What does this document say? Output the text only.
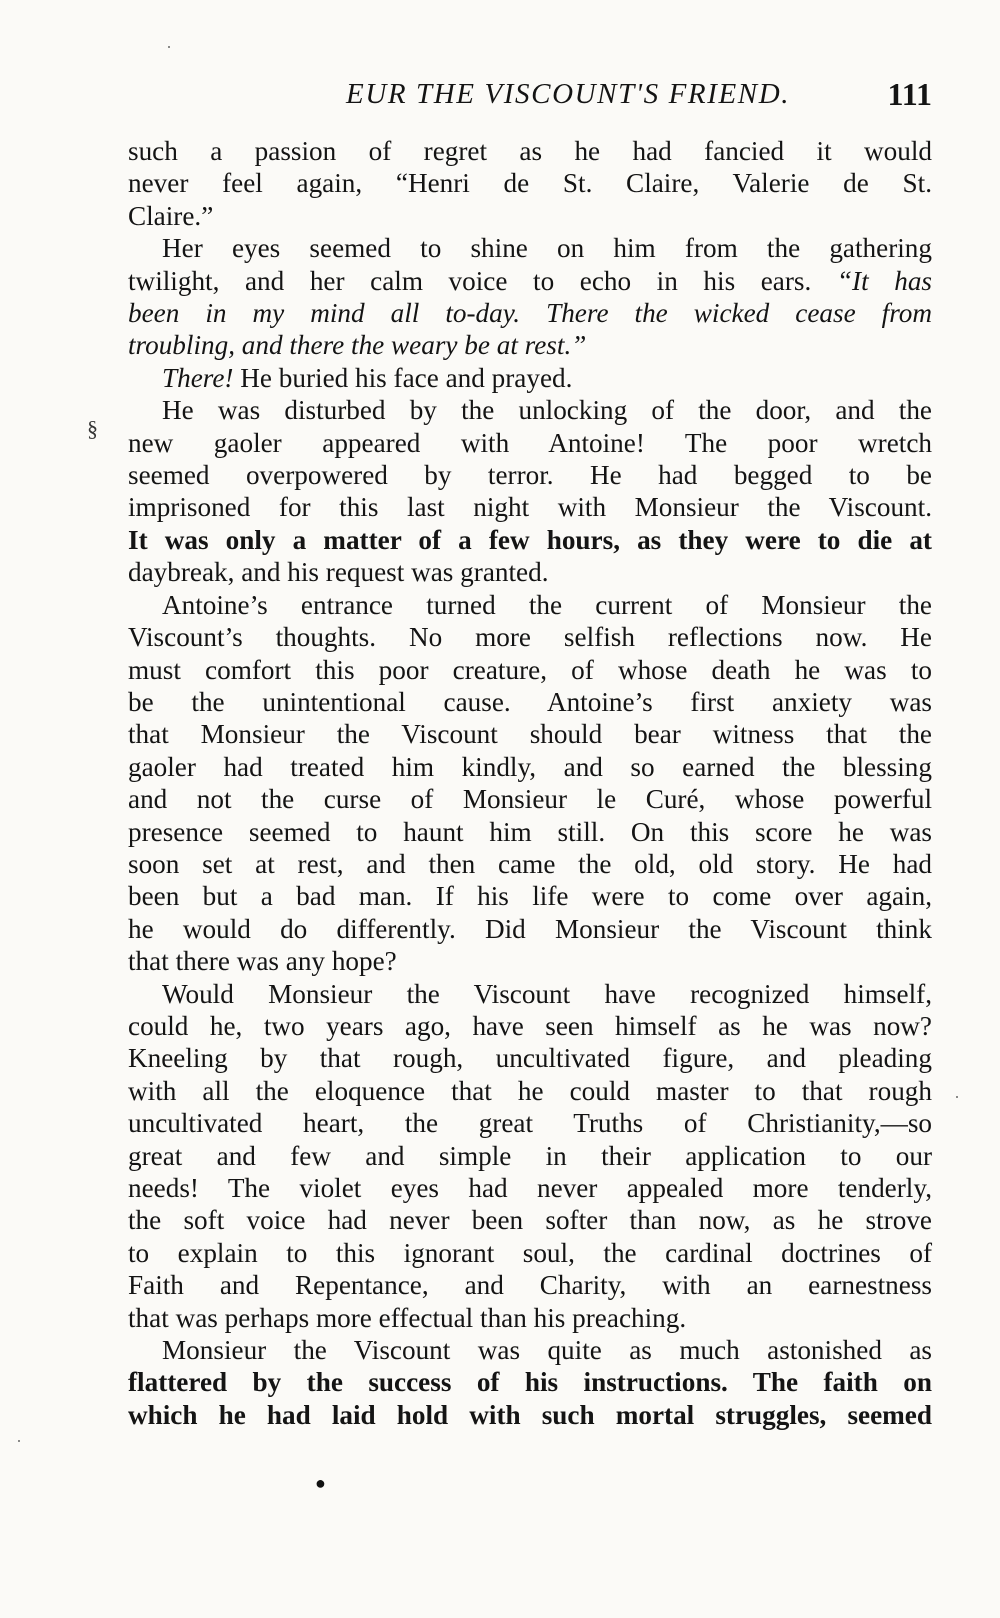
EUR THE VISCOUNT'S FRIEND.	111
§

such a passion of regret as he had fancied it would
never feel again, “Henri de St. Claire, Valerie de St.
Claire.”

Her eyes seemed to shine on him from the gathering
twilight, and her calm voice to echo in his ears. “It has
been in my mind all to-day. There the wicked cease from
troubling, and there the weary be at rest.”

There! He buried his face and prayed.

He was disturbed by the unlocking of the door, and the
new gaoler appeared with Antoine! The poor wretch
seemed overpowered by terror. He had begged to be
imprisoned for this last night with Monsieur the Viscount.
It was only a matter of a few hours, as they were to die at
daybreak, and his request was granted.

Antoine’s entrance turned the current of Monsieur the
Viscount’s thoughts. No more selfish reflections now. He
must comfort this poor creature, of whose death he was to
be the unintentional cause. Antoine’s first anxiety was
that Monsieur the Viscount should bear witness that the
gaoler had treated him kindly, and so earned the blessing
and not the curse of Monsieur le Curé, whose powerful
presence seemed to haunt him still. On this score he was
soon set at rest, and then came the old, old story. He had
been but a bad man. If his life were to come over again,
he would do differently. Did Monsieur the Viscount think
that there was any hope?

Would Monsieur the Viscount have recognized himself,
could he, two years ago, have seen himself as he was now?
Kneeling by that rough, uncultivated figure, and pleading
with all the eloquence that he could master to that rough
uncultivated heart, the great Truths of Christianity,—so
great and few and simple in their application to our
needs! The violet eyes had never appealed more tenderly,
the soft voice had never been softer than now, as he strove
to explain to this ignorant soul, the cardinal doctrines of
Faith and Repentance, and Charity, with an earnestness
that was perhaps more effectual than his preaching.

Monsieur the Viscount was quite as much astonished as
flattered by the success of his instructions. The faith on
which he had laid hold with such mortal struggles, seemed

●
